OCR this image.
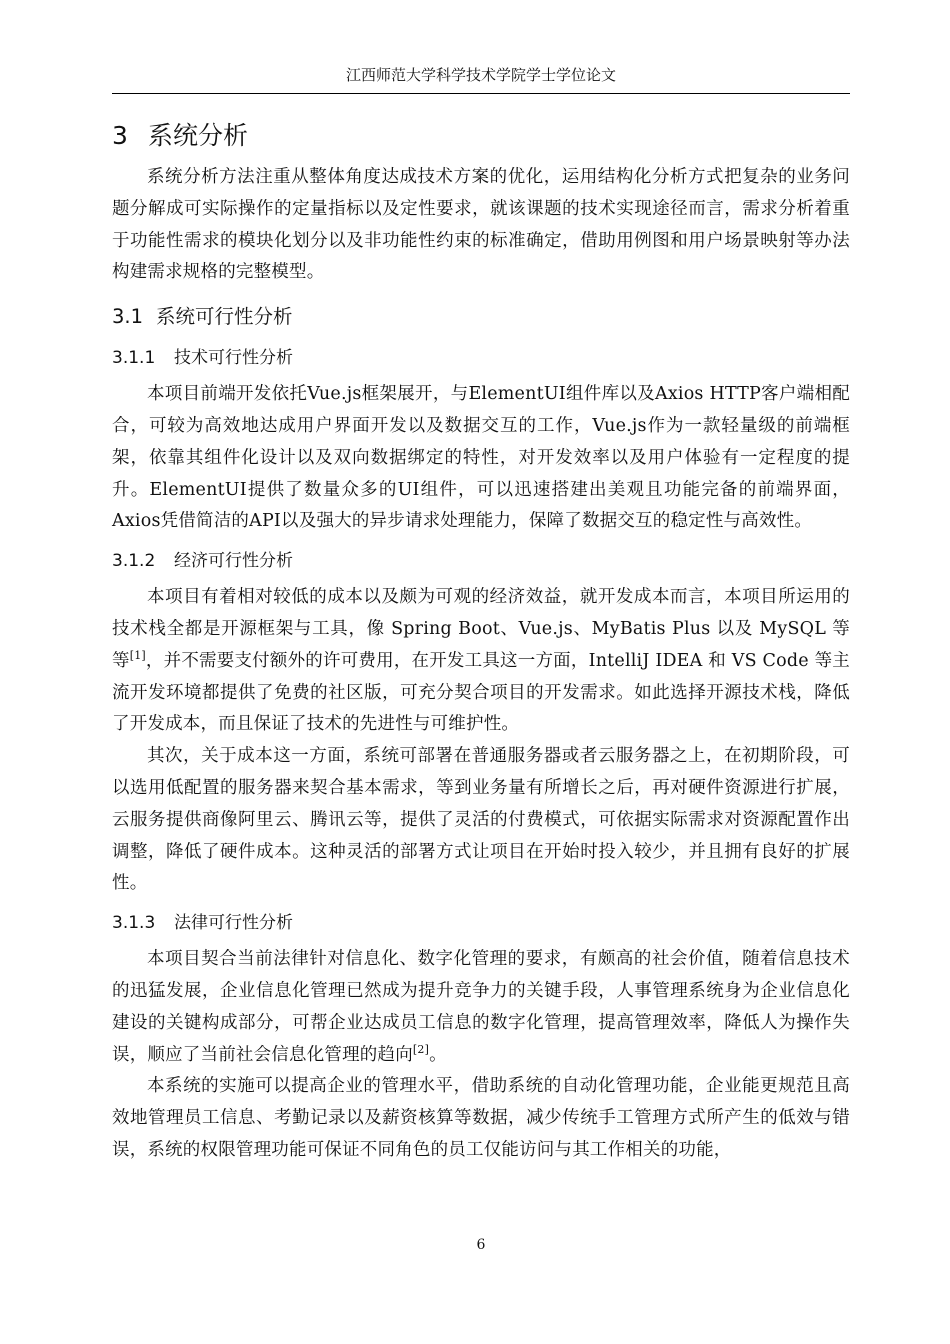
江西师范大学科学技术学院学士学位论文
3 系统分析

系统分析方法注重从整体角度达成技术方案的优化，运用结构化分析方式把复杂的业务问题分解成可实际操作的定量指标以及定性要求，就该课题的技术实现途径而言，需求分析着重于功能性需求的模块化划分以及非功能性约束的标准确定，借助用例图和用户场景映射等办法构建需求规格的完整模型。

3.1 系统可行性分析
3.1.1 技术可行性分析

本项目前端开发依托Vue.js框架展开，与ElementUI组件库以及Axios HTTP客户端相配合，可较为高效地达成用户界面开发以及数据交互的工作，Vue.js作为一款轻量级的前端框架，依靠其组件化设计以及双向数据绑定的特性，对开发效率以及用户体验有一定程度的提升。ElementUI提供了数量众多的UI组件，可以迅速搭建出美观且功能完备的前端界面，Axios凭借简洁的API以及强大的异步请求处理能力，保障了数据交互的稳定性与高效性。

3.1.2 经济可行性分析

本项目有着相对较低的成本以及颇为可观的经济效益，就开发成本而言，本项目所运用的技术栈全都是开源框架与工具，像 Spring Boot、Vue.js、MyBatis Plus 以及 MySQL 等等[1]，并不需要支付额外的许可费用，在开发工具这一方面，IntelliJ IDEA 和 VS Code 等主流开发环境都提供了免费的社区版，可充分契合项目的开发需求。如此选择开源技术栈，降低了开发成本，而且保证了技术的先进性与可维护性。

其次，关于成本这一方面，系统可部署在普通服务器或者云服务器之上，在初期阶段，可以选用低配置的服务器来契合基本需求，等到业务量有所增长之后，再对硬件资源进行扩展，云服务提供商像阿里云、腾讯云等，提供了灵活的付费模式，可依据实际需求对资源配置作出调整，降低了硬件成本。这种灵活的部署方式让项目在开始时投入较少，并且拥有良好的扩展性。

3.1.3 法律可行性分析

本项目契合当前法律针对信息化、数字化管理的要求，有颇高的社会价值，随着信息技术的迅猛发展，企业信息化管理已然成为提升竞争力的关键手段，人事管理系统身为企业信息化建设的关键构成部分，可帮企业达成员工信息的数字化管理，提高管理效率，降低人为操作失误，顺应了当前社会信息化管理的趋向[2]。

本系统的实施可以提高企业的管理水平，借助系统的自动化管理功能，企业能更规范且高效地管理员工信息、考勤记录以及薪资核算等数据，减少传统手工管理方式所产生的低效与错误，系统的权限管理功能可保证不同角色的员工仅能访问与其工作相关的功能，

6
